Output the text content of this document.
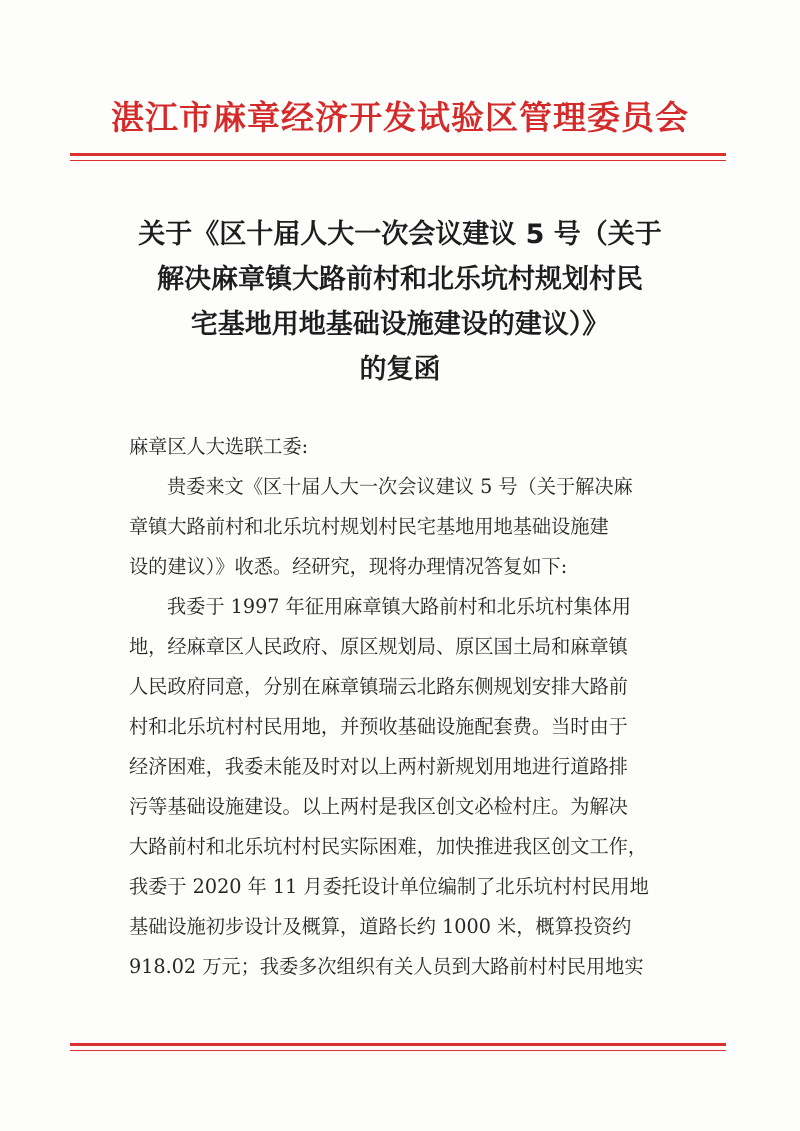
湛江市麻章经济开发试验区管理委员会
关于《区十届人大一次会议建议 5 号（关于
解决麻章镇大路前村和北乐坑村规划村民
宅基地用地基础设施建设的建议）》
的复函
麻章区人大选联工委:
贵委来文《区十届人大一次会议建议 5 号（关于解决麻
章镇大路前村和北乐坑村规划村民宅基地用地基础设施建
设的建议）》收悉。经研究，现将办理情况答复如下:
我委于 1997 年征用麻章镇大路前村和北乐坑村集体用
地，经麻章区人民政府、原区规划局、原区国土局和麻章镇
人民政府同意，分别在麻章镇瑞云北路东侧规划安排大路前
村和北乐坑村村民用地，并预收基础设施配套费。当时由于
经济困难，我委未能及时对以上两村新规划用地进行道路排
污等基础设施建设。以上两村是我区创文必检村庄。为解决
大路前村和北乐坑村村民实际困难，加快推进我区创文工作，
我委于 2020 年 11 月委托设计单位编制了北乐坑村村民用地
基础设施初步设计及概算，道路长约 1000 米，概算投资约
918.02 万元；我委多次组织有关人员到大路前村村民用地实
